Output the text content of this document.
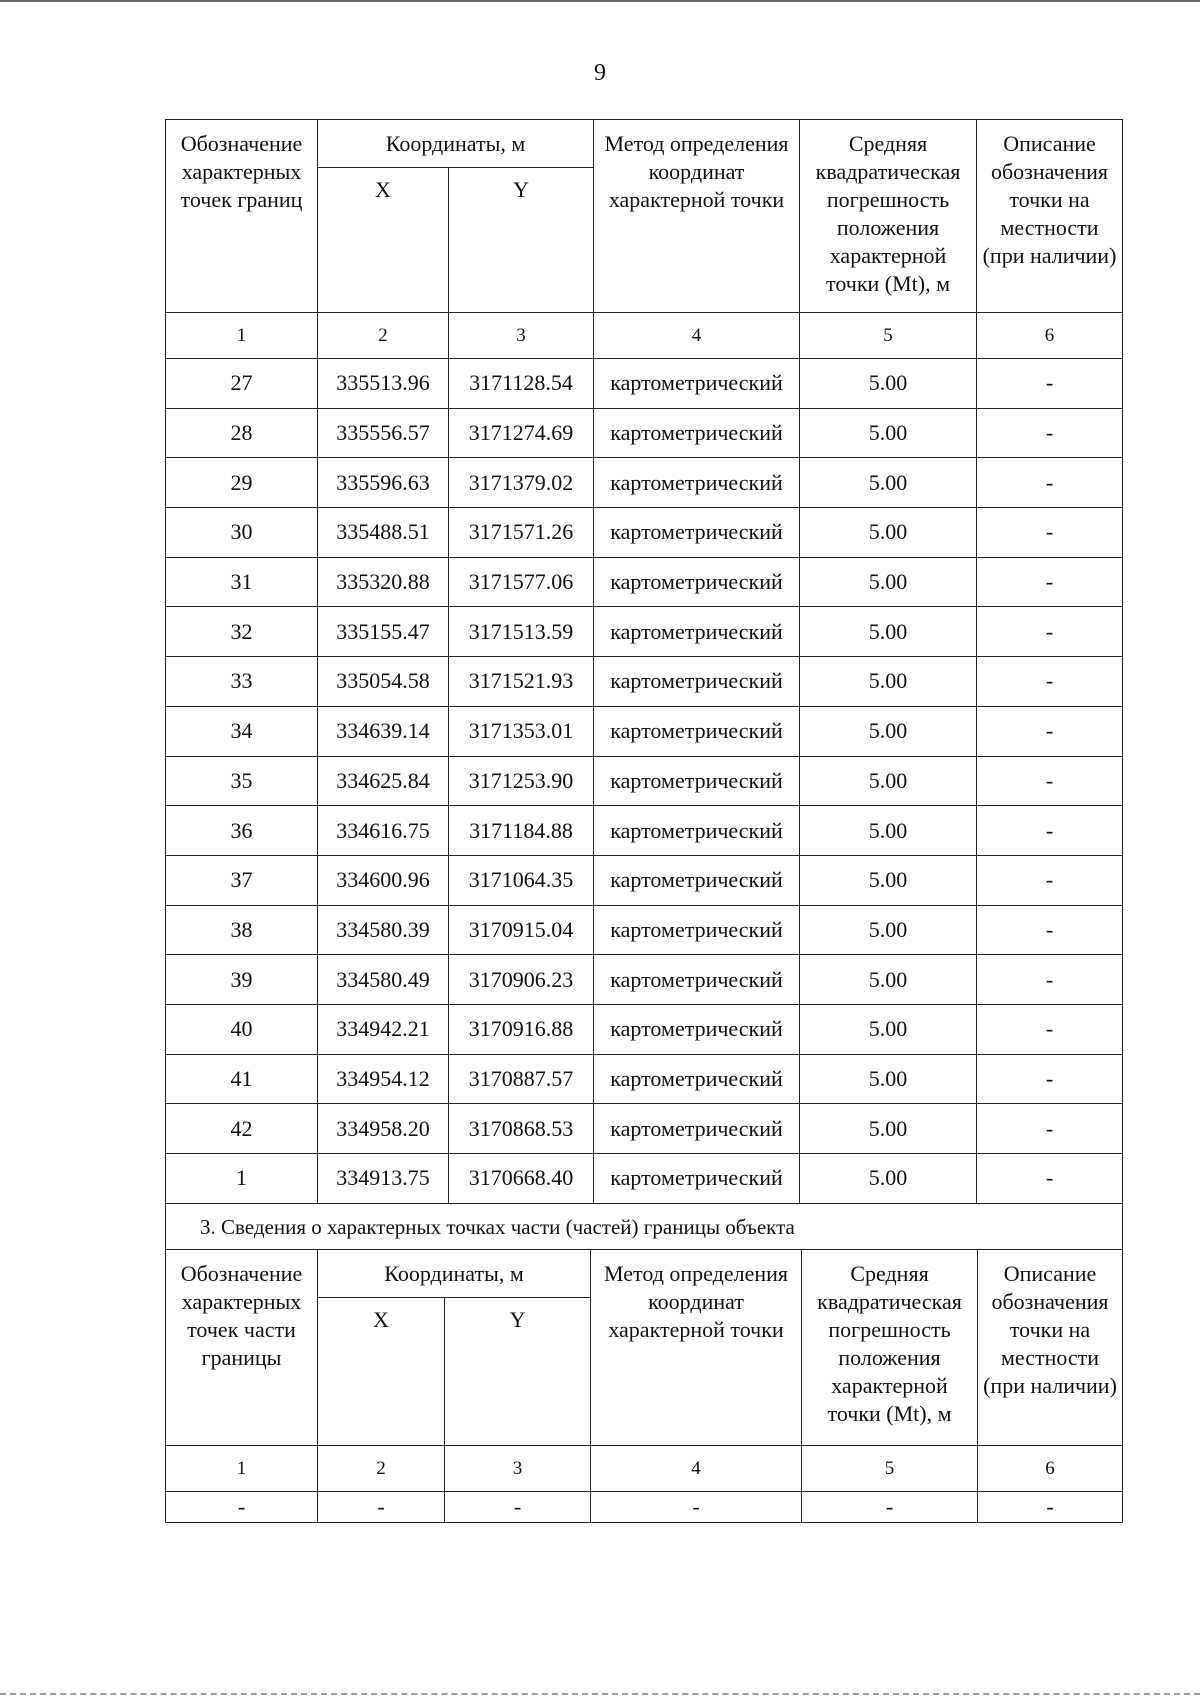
9
Обозначение характерных точек границ	Координаты, м		Метод определения координат характерной точки	Средняя квадратическая погрешность положения характерной точки (Mt), м	Описание обозначения точки на местности (при наличии)
	X	Y			
1	2	3	4	5	6
27	335513.96	3171128.54	картометрический	5.00	-
28	335556.57	3171274.69	картометрический	5.00	-
29	335596.63	3171379.02	картометрический	5.00	-
30	335488.51	3171571.26	картометрический	5.00	-
31	335320.88	3171577.06	картометрический	5.00	-
32	335155.47	3171513.59	картометрический	5.00	-
33	335054.58	3171521.93	картометрический	5.00	-
34	334639.14	3171353.01	картометрический	5.00	-
35	334625.84	3171253.90	картометрический	5.00	-
36	334616.75	3171184.88	картометрический	5.00	-
37	334600.96	3171064.35	картометрический	5.00	-
38	334580.39	3170915.04	картометрический	5.00	-
39	334580.49	3170906.23	картометрический	5.00	-
40	334942.21	3170916.88	картометрический	5.00	-
41	334954.12	3170887.57	картометрический	5.00	-
42	334958.20	3170868.53	картометрический	5.00	-
1	334913.75	3170668.40	картометрический	5.00	-
3. Сведения о характерных точках части (частей) границы объекта					
Обозначение характерных точек части границы	Координаты, м		Метод определения координат характерной точки	Средняя квадратическая погрешность положения характерной точки (Mt), м	Описание обозначения точки на местности (при наличии)
	X	Y			
1	2	3	4	5	6
-	-	-	-	-	-
